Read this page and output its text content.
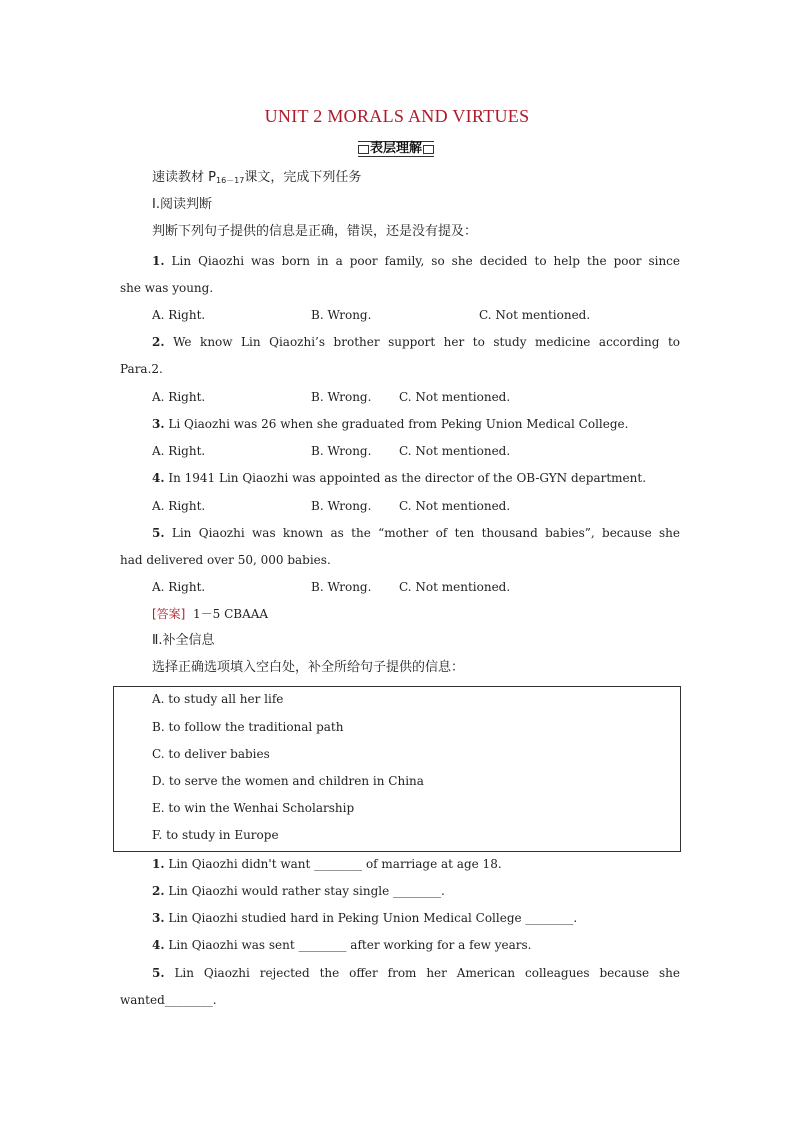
UNIT 2 MORALS AND VIRTUES
表层理解
速读教材 $P_{16-17}$课文，完成下列任务
Ⅰ.阅读判断
判断下列句子提供的信息是正确，错误，还是没有提及：
1. Lin Qiaozhi was born in a poor family, so she decided to help the poor since
she was young.
A. Right.	B. Wrong.	C. Not mentioned.
2. We know Lin Qiaozhi’s brother support her to study medicine according to
Para.2.
A. Right.	B. Wrong. C. Not mentioned.
3. Li Qiaozhi was 26 when she graduated from Peking Union Medical College.
A. Right.	B. Wrong. C. Not mentioned.
4. In 1941 Lin Qiaozhi was appointed as the director of the OB-GYN department.
A. Right.	B. Wrong. C. Not mentioned.
5. Lin Qiaozhi was known as the “mother of ten thousand babies”, because she
had delivered over 50, 000 babies.
A. Right.	B. Wrong. C. Not mentioned.
[答案] 1－5 CBAAA
Ⅱ.补全信息
选择正确选项填入空白处，补全所给句子提供的信息：
A. to study all her life
B. to follow the traditional path
C. to deliver babies
D. to serve the women and children in China
E. to win the Wenhai Scholarship
F. to study in Europe
1. Lin Qiaozhi didn't want ________ of marriage at age 18.
2. Lin Qiaozhi would rather stay single ________.
3. Lin Qiaozhi studied hard in Peking Union Medical College ________.
4. Lin Qiaozhi was sent ________ after working for a few years.
5. Lin Qiaozhi rejected the offer from her American colleagues because she
wanted________.
